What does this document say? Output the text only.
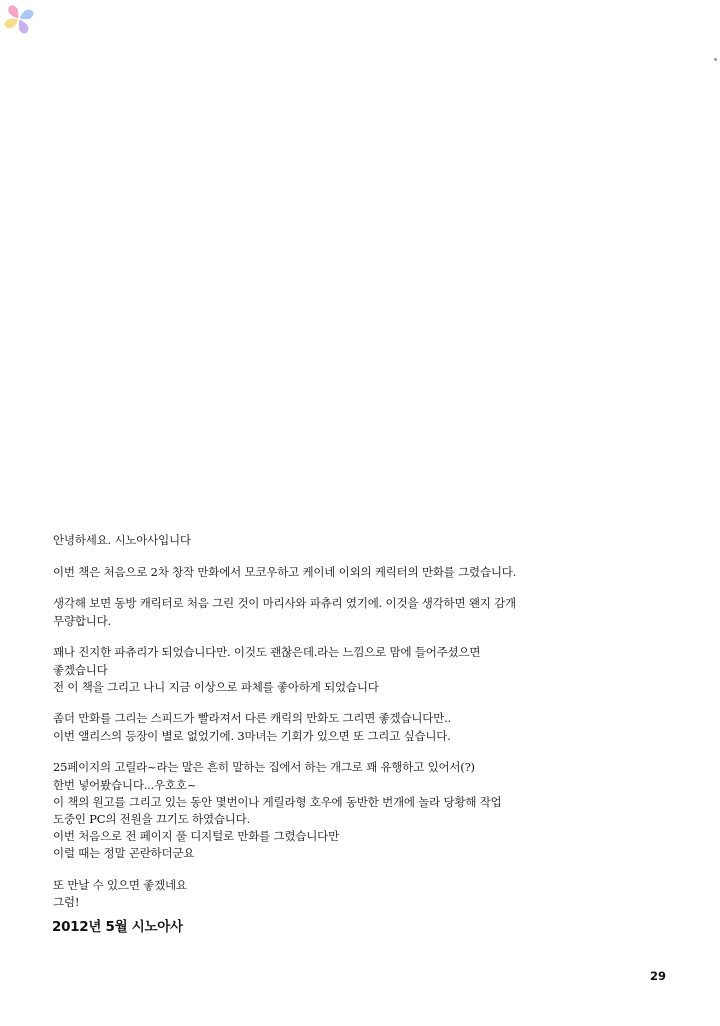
안녕하세요. 시노아사입니다
이번 책은 처음으로 2차 창작 만화에서 모코우하고 케이네 이외의 케릭터의 만화를 그렸습니다.
생각해 보면 동방 캐릭터로 처음 그린 것이 마리사와 파츄리 였기에. 이것을 생각하면 왠지 감개
무량합니다.
꽤나 진지한 파츄리가 되었습니다만. 이것도 괜찮은데.라는 느낌으로 맘에 들어주셨으면
좋겠습니다
전 이 책을 그리고 나니 지금 이상으로 파체를 좋아하게 되었습니다
좀더 만화를 그리는 스피드가 빨라져서 다른 캐릭의 만화도 그리면 좋겠습니다만..
이번 앨리스의 등장이 별로 없었기에. 3마녀는 기회가 있으면 또 그리고 싶습니다.
25페이지의 고릴라~라는 말은 흔히 말하는 집에서 하는 개그로 꽤 유행하고 있어서(?)
한번 넣어봤습니다...우호호~
이 책의 원고를 그리고 있는 동안 몇번이나 게릴라형 호우에 동반한 번개에 놀라 당황해 작업
도중인 PC의 전원을 끄기도 하였습니다.
이번 처음으로 전 페이지 풀 디지털로 만화를 그렸습니다만
이럴 때는 정말 곤란하더군요
또 만날 수 있으면 좋겠네요
그럼!
2012년 5월 시노아사
29
